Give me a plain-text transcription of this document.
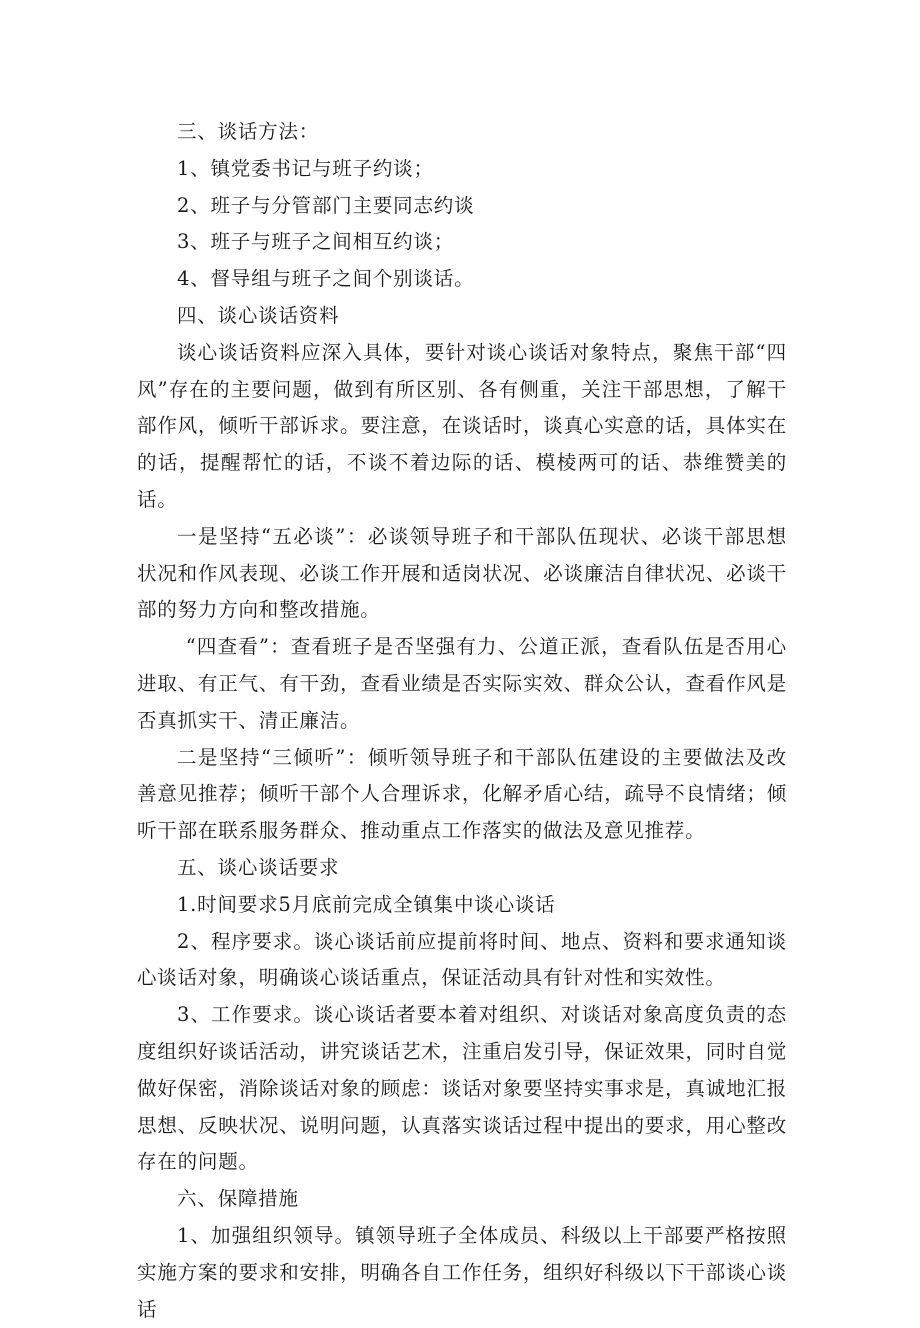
三、谈话方法：

1、镇党委书记与班子约谈；

2、班子与分管部门主要同志约谈

3、班子与班子之间相互约谈；

4、督导组与班子之间个别谈话。

四、谈心谈话资料

谈心谈话资料应深入具体，要针对谈心谈话对象特点，聚焦干部“四风”存在的主要问题，做到有所区别、各有侧重，关注干部思想，了解干部作风，倾听干部诉求。要注意，在谈话时，谈真心实意的话，具体实在的话，提醒帮忙的话，不谈不着边际的话、模棱两可的话、恭维赞美的话。

一是坚持“五必谈”：必谈领导班子和干部队伍现状、必谈干部思想状况和作风表现、必谈工作开展和适岗状况、必谈廉洁自律状况、必谈干部的努力方向和整改措施。

“四查看”：查看班子是否坚强有力、公道正派，查看队伍是否用心进取、有正气、有干劲，查看业绩是否实际实效、群众公认，查看作风是否真抓实干、清正廉洁。

二是坚持“三倾听”：倾听领导班子和干部队伍建设的主要做法及改善意见推荐；倾听干部个人合理诉求，化解矛盾心结，疏导不良情绪；倾听干部在联系服务群众、推动重点工作落实的做法及意见推荐。

五、谈心谈话要求

1.时间要求5月底前完成全镇集中谈心谈话

2、程序要求。谈心谈话前应提前将时间、地点、资料和要求通知谈心谈话对象，明确谈心谈话重点，保证活动具有针对性和实效性。

3、工作要求。谈心谈话者要本着对组织、对谈话对象高度负责的态度组织好谈话活动，讲究谈话艺术，注重启发引导，保证效果，同时自觉做好保密，消除谈话对象的顾虑：谈话对象要坚持实事求是，真诚地汇报思想、反映状况、说明问题，认真落实谈话过程中提出的要求，用心整改存在的问题。

六、保障措施

1、加强组织领导。镇领导班子全体成员、科级以上干部要严格按照实施方案的要求和安排，明确各自工作任务，组织好科级以下干部谈心谈话
